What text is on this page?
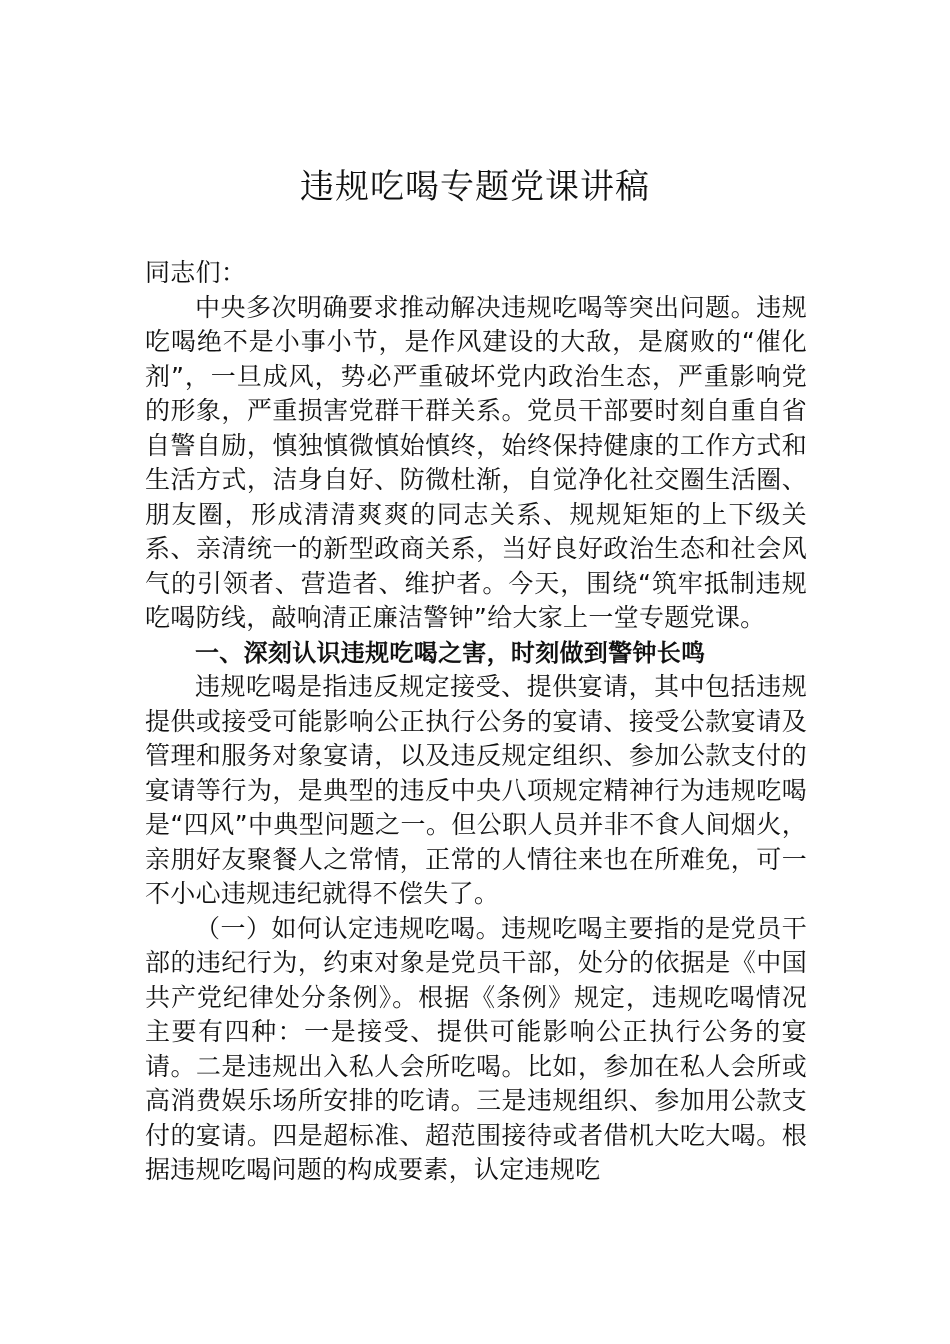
违规吃喝专题党课讲稿

同志们：

中央多次明确要求推动解决违规吃喝等突出问题。违规吃喝绝不是小事小节，是作风建设的大敌，是腐败的“催化剂”，一旦成风，势必严重破坏党内政治生态，严重影响党的形象，严重损害党群干群关系。党员干部要时刻自重自省自警自励，慎独慎微慎始慎终，始终保持健康的工作方式和生活方式，洁身自好、防微杜渐，自觉净化社交圈生活圈、朋友圈，形成清清爽爽的同志关系、规规矩矩的上下级关系、亲清统一的新型政商关系，当好良好政治生态和社会风气的引领者、营造者、维护者。今天，围绕“筑牢抵制违规吃喝防线，敲响清正廉洁警钟”给大家上一堂专题党课。

一、深刻认识违规吃喝之害，时刻做到警钟长鸣

违规吃喝是指违反规定接受、提供宴请，其中包括违规提供或接受可能影响公正执行公务的宴请、接受公款宴请及管理和服务对象宴请，以及违反规定组织、参加公款支付的宴请等行为，是典型的违反中央八项规定精神行为违规吃喝是“四风”中典型问题之一。但公职人员并非不食人间烟火，亲朋好友聚餐人之常情，正常的人情往来也在所难免，可一不小心违规违纪就得不偿失了。

（一）如何认定违规吃喝。违规吃喝主要指的是党员干部的违纪行为，约束对象是党员干部，处分的依据是《中国共产党纪律处分条例》。根据《条例》规定，违规吃喝情况主要有四种：一是接受、提供可能影响公正执行公务的宴请。二是违规出入私人会所吃喝。比如，参加在私人会所或高消费娱乐场所安排的吃请。三是违规组织、参加用公款支付的宴请。四是超标准、超范围接待或者借机大吃大喝。根据违规吃喝问题的构成要素，认定违规吃
